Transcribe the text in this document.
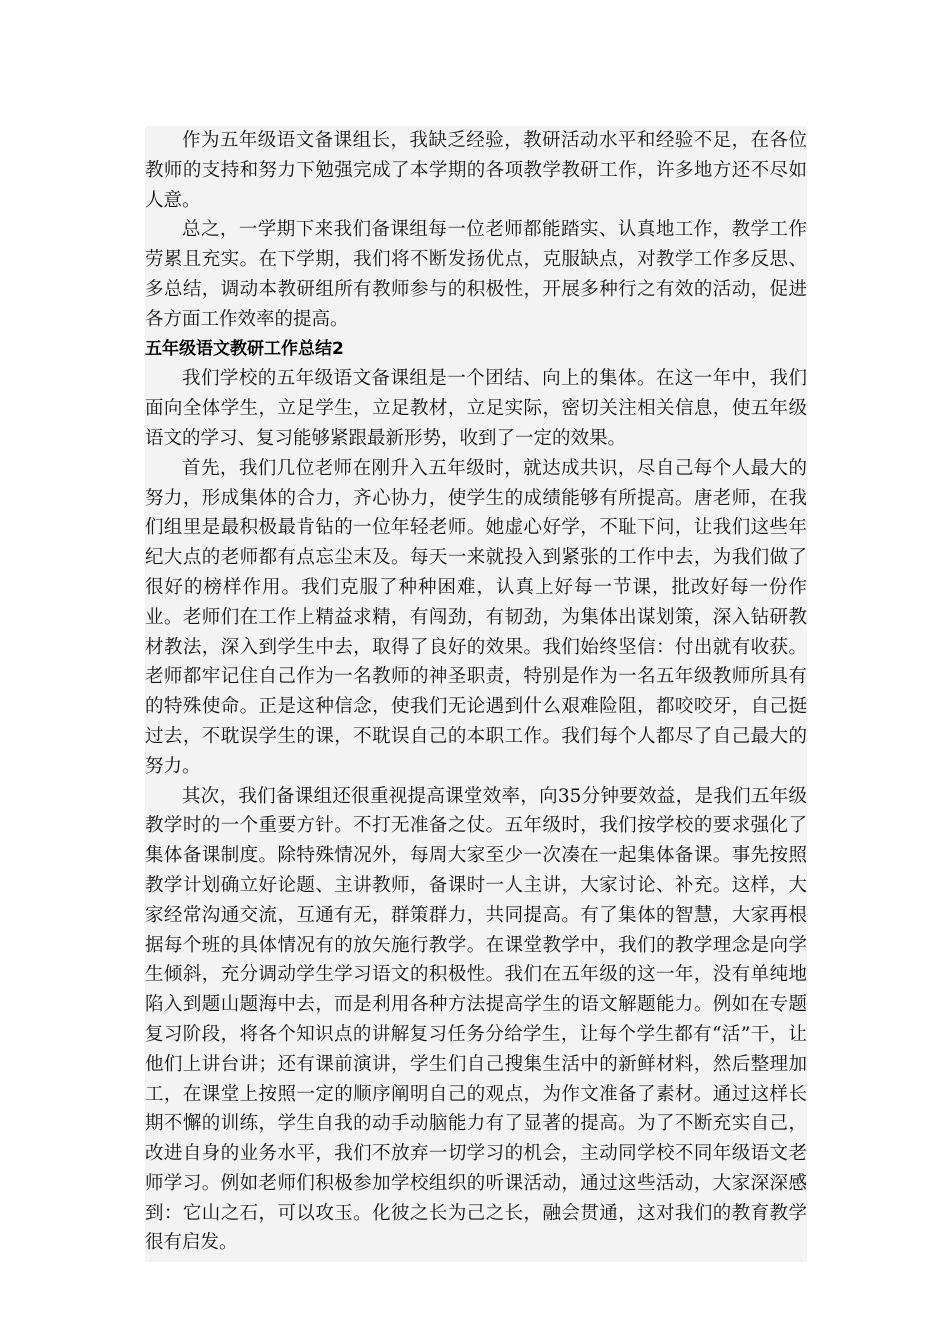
作为五年级语文备课组长，我缺乏经验，教研活动水平和经验不足，在各位教师的支持和努力下勉强完成了本学期的各项教学教研工作，许多地方还不尽如人意。

总之，一学期下来我们备课组每一位老师都能踏实、认真地工作，教学工作劳累且充实。在下学期，我们将不断发扬优点，克服缺点，对教学工作多反思、多总结，调动本教研组所有教师参与的积极性，开展多种行之有效的活动，促进各方面工作效率的提高。

五年级语文教研工作总结2

我们学校的五年级语文备课组是一个团结、向上的集体。在这一年中，我们面向全体学生，立足学生，立足教材，立足实际，密切关注相关信息，使五年级语文的学习、复习能够紧跟最新形势，收到了一定的效果。

首先，我们几位老师在刚升入五年级时，就达成共识，尽自己每个人最大的努力，形成集体的合力，齐心协力，使学生的成绩能够有所提高。唐老师，在我们组里是最积极最肯钻的一位年轻老师。她虚心好学，不耻下问，让我们这些年纪大点的老师都有点忘尘末及。每天一来就投入到紧张的工作中去，为我们做了很好的榜样作用。我们克服了种种困难，认真上好每一节课，批改好每一份作业。老师们在工作上精益求精，有闯劲，有韧劲，为集体出谋划策，深入钻研教材教法，深入到学生中去，取得了良好的效果。我们始终坚信：付出就有收获。老师都牢记住自己作为一名教师的神圣职责，特别是作为一名五年级教师所具有的特殊使命。正是这种信念，使我们无论遇到什么艰难险阻，都咬咬牙，自己挺过去，不耽误学生的课，不耽误自己的本职工作。我们每个人都尽了自己最大的努力。

其次，我们备课组还很重视提高课堂效率，向35分钟要效益，是我们五年级教学时的一个重要方针。不打无准备之仗。五年级时，我们按学校的要求强化了集体备课制度。除特殊情况外，每周大家至少一次凑在一起集体备课。事先按照教学计划确立好论题、主讲教师，备课时一人主讲，大家讨论、补充。这样，大家经常沟通交流，互通有无，群策群力，共同提高。有了集体的智慧，大家再根据每个班的具体情况有的放矢施行教学。在课堂教学中，我们的教学理念是向学生倾斜，充分调动学生学习语文的积极性。我们在五年级的这一年，没有单纯地陷入到题山题海中去，而是利用各种方法提高学生的语文解题能力。例如在专题复习阶段，将各个知识点的讲解复习任务分给学生，让每个学生都有“活”干，让他们上讲台讲；还有课前演讲，学生们自己搜集生活中的新鲜材料，然后整理加工，在课堂上按照一定的顺序阐明自己的观点，为作文准备了素材。通过这样长期不懈的训练，学生自我的动手动脑能力有了显著的提高。为了不断充实自己，改进自身的业务水平，我们不放弃一切学习的机会，主动同学校不同年级语文老师学习。例如老师们积极参加学校组织的听课活动，通过这些活动，大家深深感到：它山之石，可以攻玉。化彼之长为己之长，融会贯通，这对我们的教育教学很有启发。
